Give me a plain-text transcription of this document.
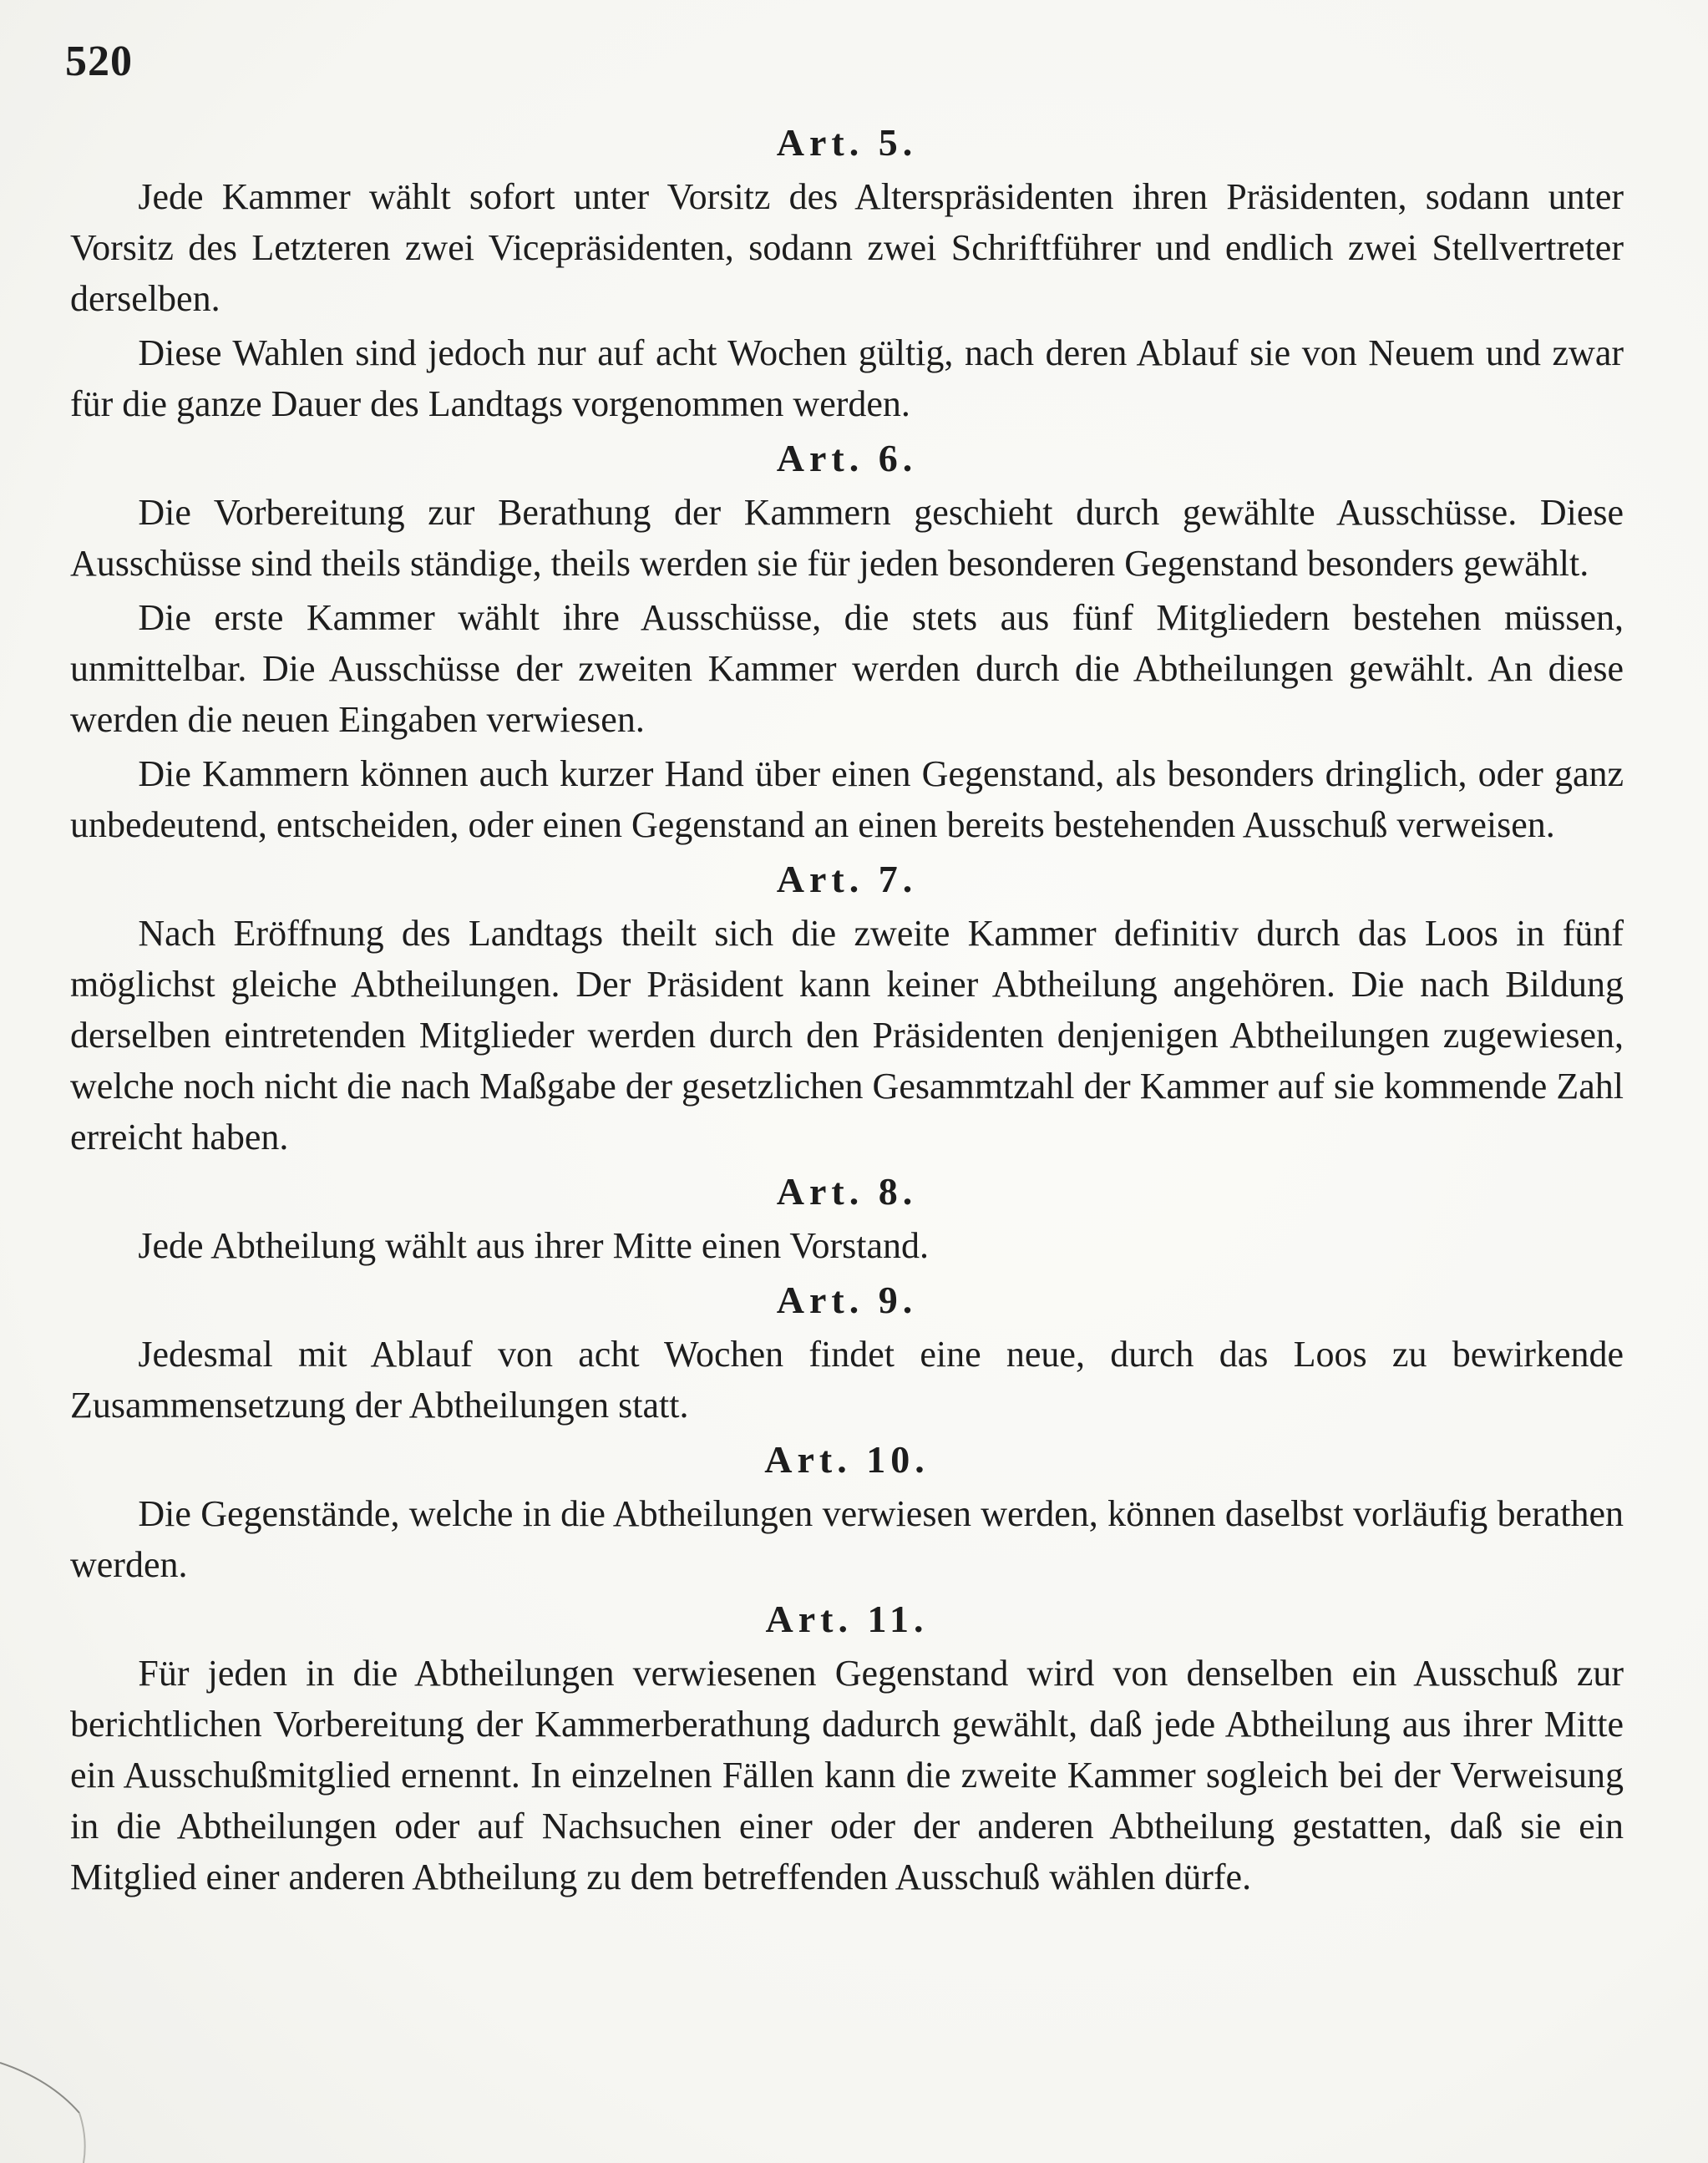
520
Art. 5.

Jede Kammer wählt sofort unter Vorsitz des Alterspräsidenten ihren Präsidenten, sodann unter Vorsitz des Letzteren zwei Vicepräsidenten, sodann zwei Schriftführer und endlich zwei Stellvertreter derselben.

Diese Wahlen sind jedoch nur auf acht Wochen gültig, nach deren Ablauf sie von Neuem und zwar für die ganze Dauer des Landtags vorgenommen werden.

Art. 6.

Die Vorbereitung zur Berathung der Kammern geschieht durch gewählte Ausschüsse. Diese Ausschüsse sind theils ständige, theils werden sie für jeden besonderen Gegenstand besonders gewählt.

Die erste Kammer wählt ihre Ausschüsse, die stets aus fünf Mitgliedern bestehen müssen, unmittelbar. Die Ausschüsse der zweiten Kammer werden durch die Abtheilungen gewählt. An diese werden die neuen Eingaben verwiesen.

Die Kammern können auch kurzer Hand über einen Gegenstand, als besonders dringlich, oder ganz unbedeutend, entscheiden, oder einen Gegenstand an einen bereits bestehenden Ausschuß verweisen.

Art. 7.

Nach Eröffnung des Landtags theilt sich die zweite Kammer definitiv durch das Loos in fünf möglichst gleiche Abtheilungen. Der Präsident kann keiner Abtheilung angehören. Die nach Bildung derselben eintretenden Mitglieder werden durch den Präsidenten denjenigen Abtheilungen zugewiesen, welche noch nicht die nach Maßgabe der gesetzlichen Gesammtzahl der Kammer auf sie kommende Zahl erreicht haben.

Art. 8.

Jede Abtheilung wählt aus ihrer Mitte einen Vorstand.

Art. 9.

Jedesmal mit Ablauf von acht Wochen findet eine neue, durch das Loos zu bewirkende Zusammensetzung der Abtheilungen statt.

Art. 10.

Die Gegenstände, welche in die Abtheilungen verwiesen werden, können daselbst vorläufig berathen werden.

Art. 11.

Für jeden in die Abtheilungen verwiesenen Gegenstand wird von denselben ein Ausschuß zur berichtlichen Vorbereitung der Kammerberathung dadurch gewählt, daß jede Abtheilung aus ihrer Mitte ein Ausschußmitglied ernennt. In einzelnen Fällen kann die zweite Kammer sogleich bei der Verweisung in die Abtheilungen oder auf Nachsuchen einer oder der anderen Abtheilung gestatten, daß sie ein Mitglied einer anderen Abtheilung zu dem betreffenden Ausschuß wählen dürfe.
